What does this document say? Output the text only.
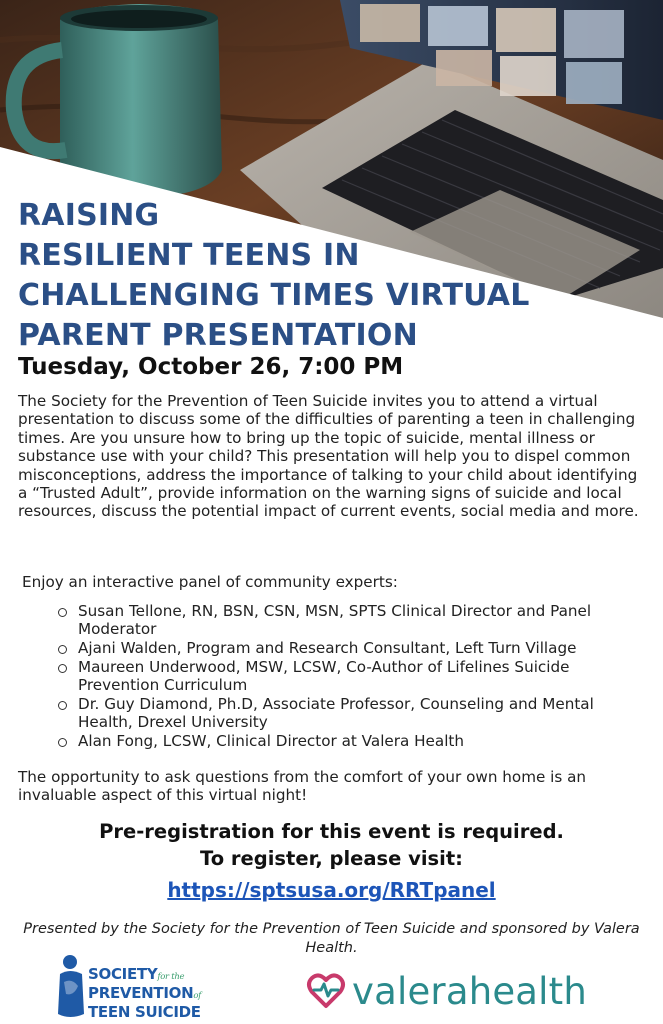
RAISING
RESILIENT TEENS IN
CHALLENGING TIMES VIRTUAL
PARENT PRESENTATION
Tuesday, October 26, 7:00 PM

The Society for the Prevention of Teen Suicide invites you to attend a virtual presentation to discuss some of the difficulties of parenting a teen in challenging times. Are you unsure how to bring up the topic of suicide, mental illness or substance use with your child? This presentation will help you to dispel common misconceptions, address the importance of talking to your child about identifying a “Trusted Adult”, provide information on the warning signs of suicide and local resources, discuss the potential impact of current events, social media and more.

Enjoy an interactive panel of community experts:
Susan Tellone, RN, BSN, CSN, MSN, SPTS Clinical Director and Panel Moderator
Ajani Walden, Program and Research Consultant, Left Turn Village
Maureen Underwood, MSW, LCSW, Co-Author of Lifelines Suicide Prevention Curriculum
Dr. Guy Diamond, Ph.D, Associate Professor, Counseling and Mental Health, Drexel University
Alan Fong, LCSW, Clinical Director at Valera Health

The opportunity to ask questions from the comfort of your own home is an invaluable aspect of this virtual night!

Pre-registration for this event is required.
To register, please visit:
https://sptsusa.org/RRTpanel

Presented by the Society for the Prevention of Teen Suicide and sponsored by Valera Health.

SOCIETYfor the
PREVENTIONof
TEEN SUICIDE	valerahealth
